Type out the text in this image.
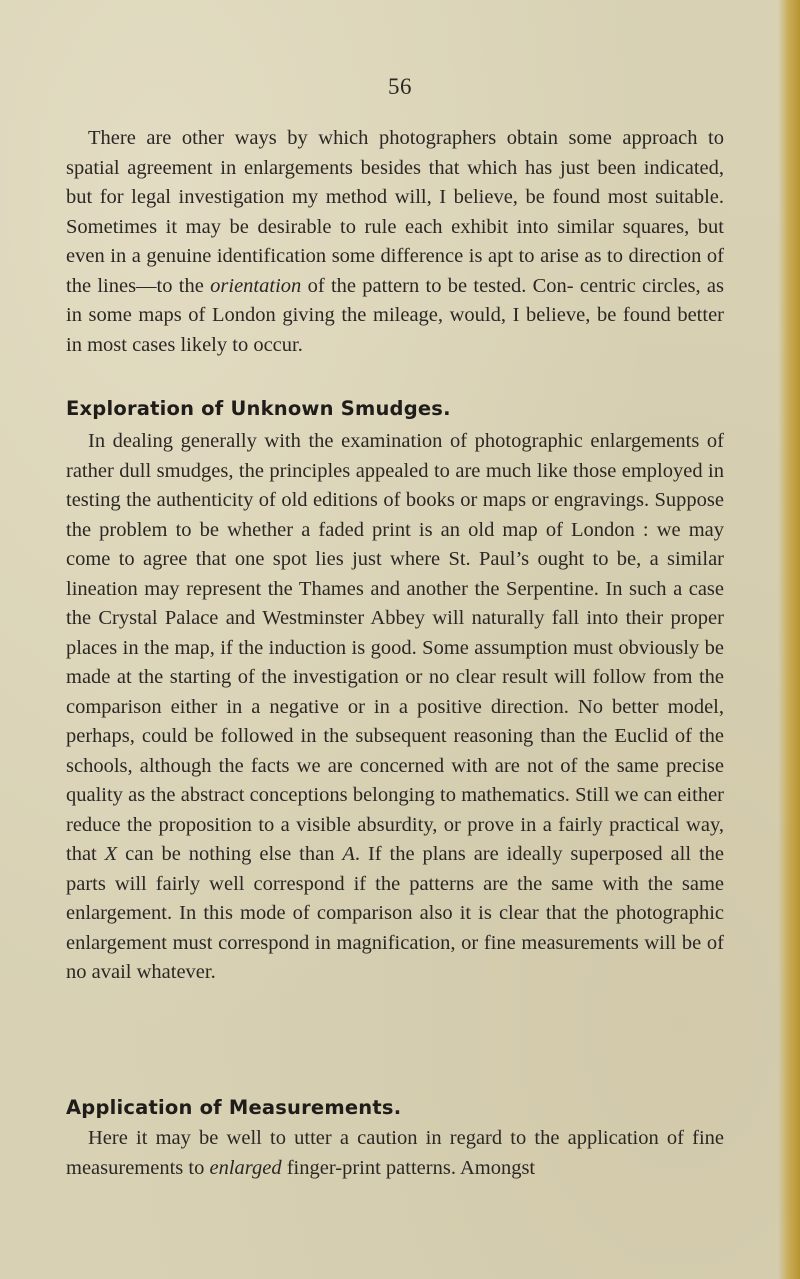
56

There are other ways by which photographers obtain some approach to spatial agreement in enlargements besides that which has just been indicated, but for legal investigation my method will, I believe, be found most suitable. Sometimes it may be desirable to rule each exhibit into similar squares, but even in a genuine identification some difference is apt to arise as to direction of the lines—to the orientation of the pattern to be tested. Con- centric circles, as in some maps of London giving the mileage, would, I believe, be found better in most cases likely to occur.

Exploration of Unknown Smudges.

In dealing generally with the examination of photographic enlargements of rather dull smudges, the principles appealed to are much like those employed in testing the authenticity of old editions of books or maps or engravings. Suppose the problem to be whether a faded print is an old map of London : we may come to agree that one spot lies just where St. Paul’s ought to be, a similar lineation may represent the Thames and another the Serpentine. In such a case the Crystal Palace and Westminster Abbey will naturally fall into their proper places in the map, if the induction is good. Some assumption must obviously be made at the starting of the investigation or no clear result will follow from the comparison either in a negative or in a positive direction. No better model, perhaps, could be followed in the subsequent reasoning than the Euclid of the schools, although the facts we are concerned with are not of the same precise quality as the abstract conceptions belonging to mathematics. Still we can either reduce the proposition to a visible absurdity, or prove in a fairly practical way, that X can be nothing else than A. If the plans are ideally superposed all the parts will fairly well correspond if the patterns are the same with the same enlargement. In this mode of comparison also it is clear that the photographic enlargement must correspond in magnification, or fine measurements will be of no avail whatever.

Application of Measurements.

Here it may be well to utter a caution in regard to the application of fine measurements to enlarged finger-print patterns. Amongst
